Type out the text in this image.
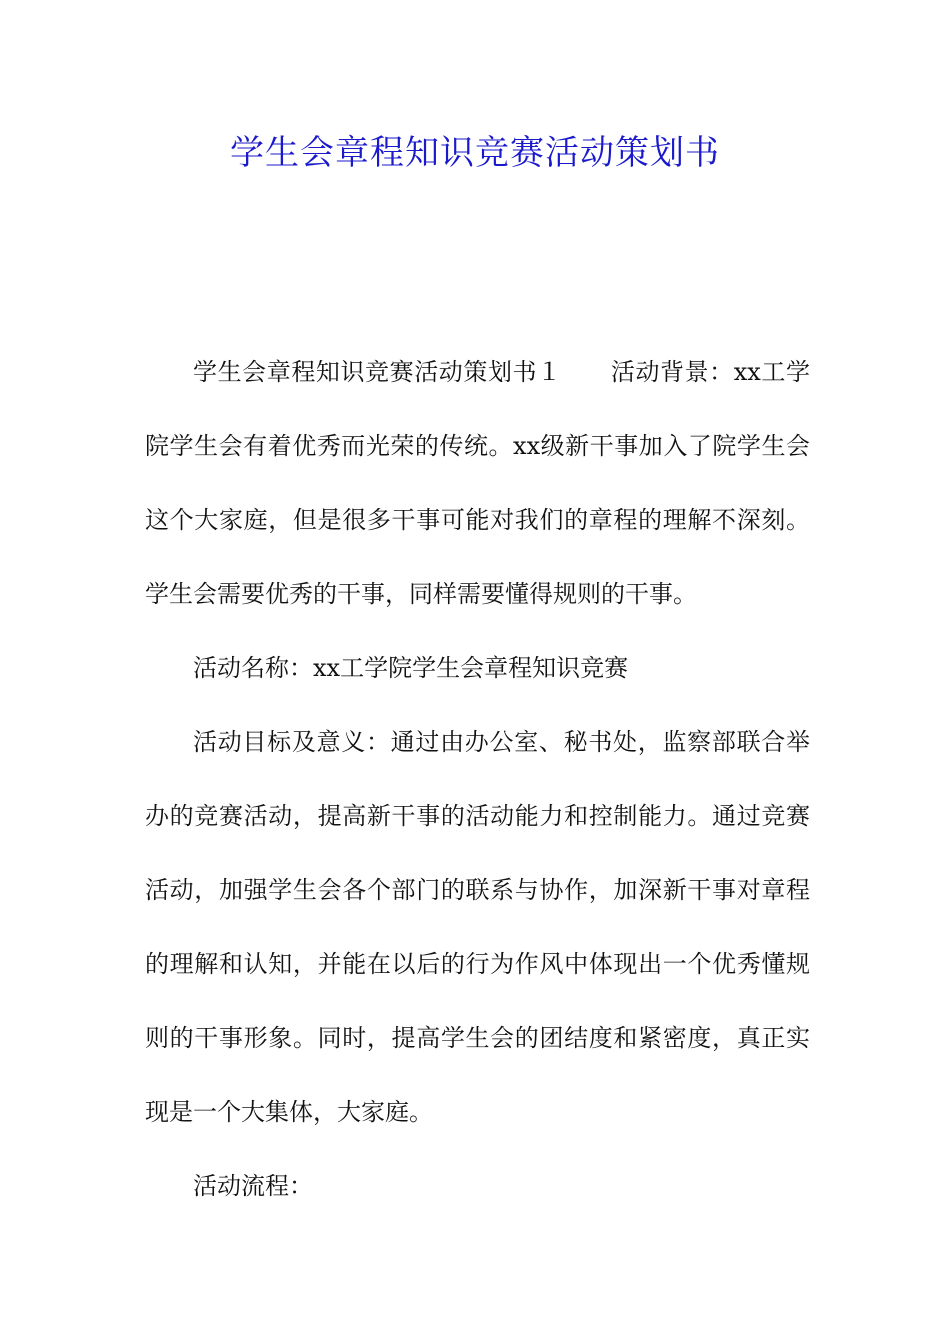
学生会章程知识竞赛活动策划书

学生会章程知识竞赛活动策划书１　　活动背景：xx工学院学生会有着优秀而光荣的传统。xx级新干事加入了院学生会这个大家庭，但是很多干事可能对我们的章程的理解不深刻。学生会需要优秀的干事，同样需要懂得规则的干事。

活动名称：xx工学院学生会章程知识竞赛

活动目标及意义：通过由办公室、秘书处，监察部联合举办的竞赛活动，提高新干事的活动能力和控制能力。通过竞赛活动，加强学生会各个部门的联系与协作，加深新干事对章程的理解和认知，并能在以后的行为作风中体现出一个优秀懂规则的干事形象。同时，提高学生会的团结度和紧密度，真正实现是一个大集体，大家庭。

活动流程：
